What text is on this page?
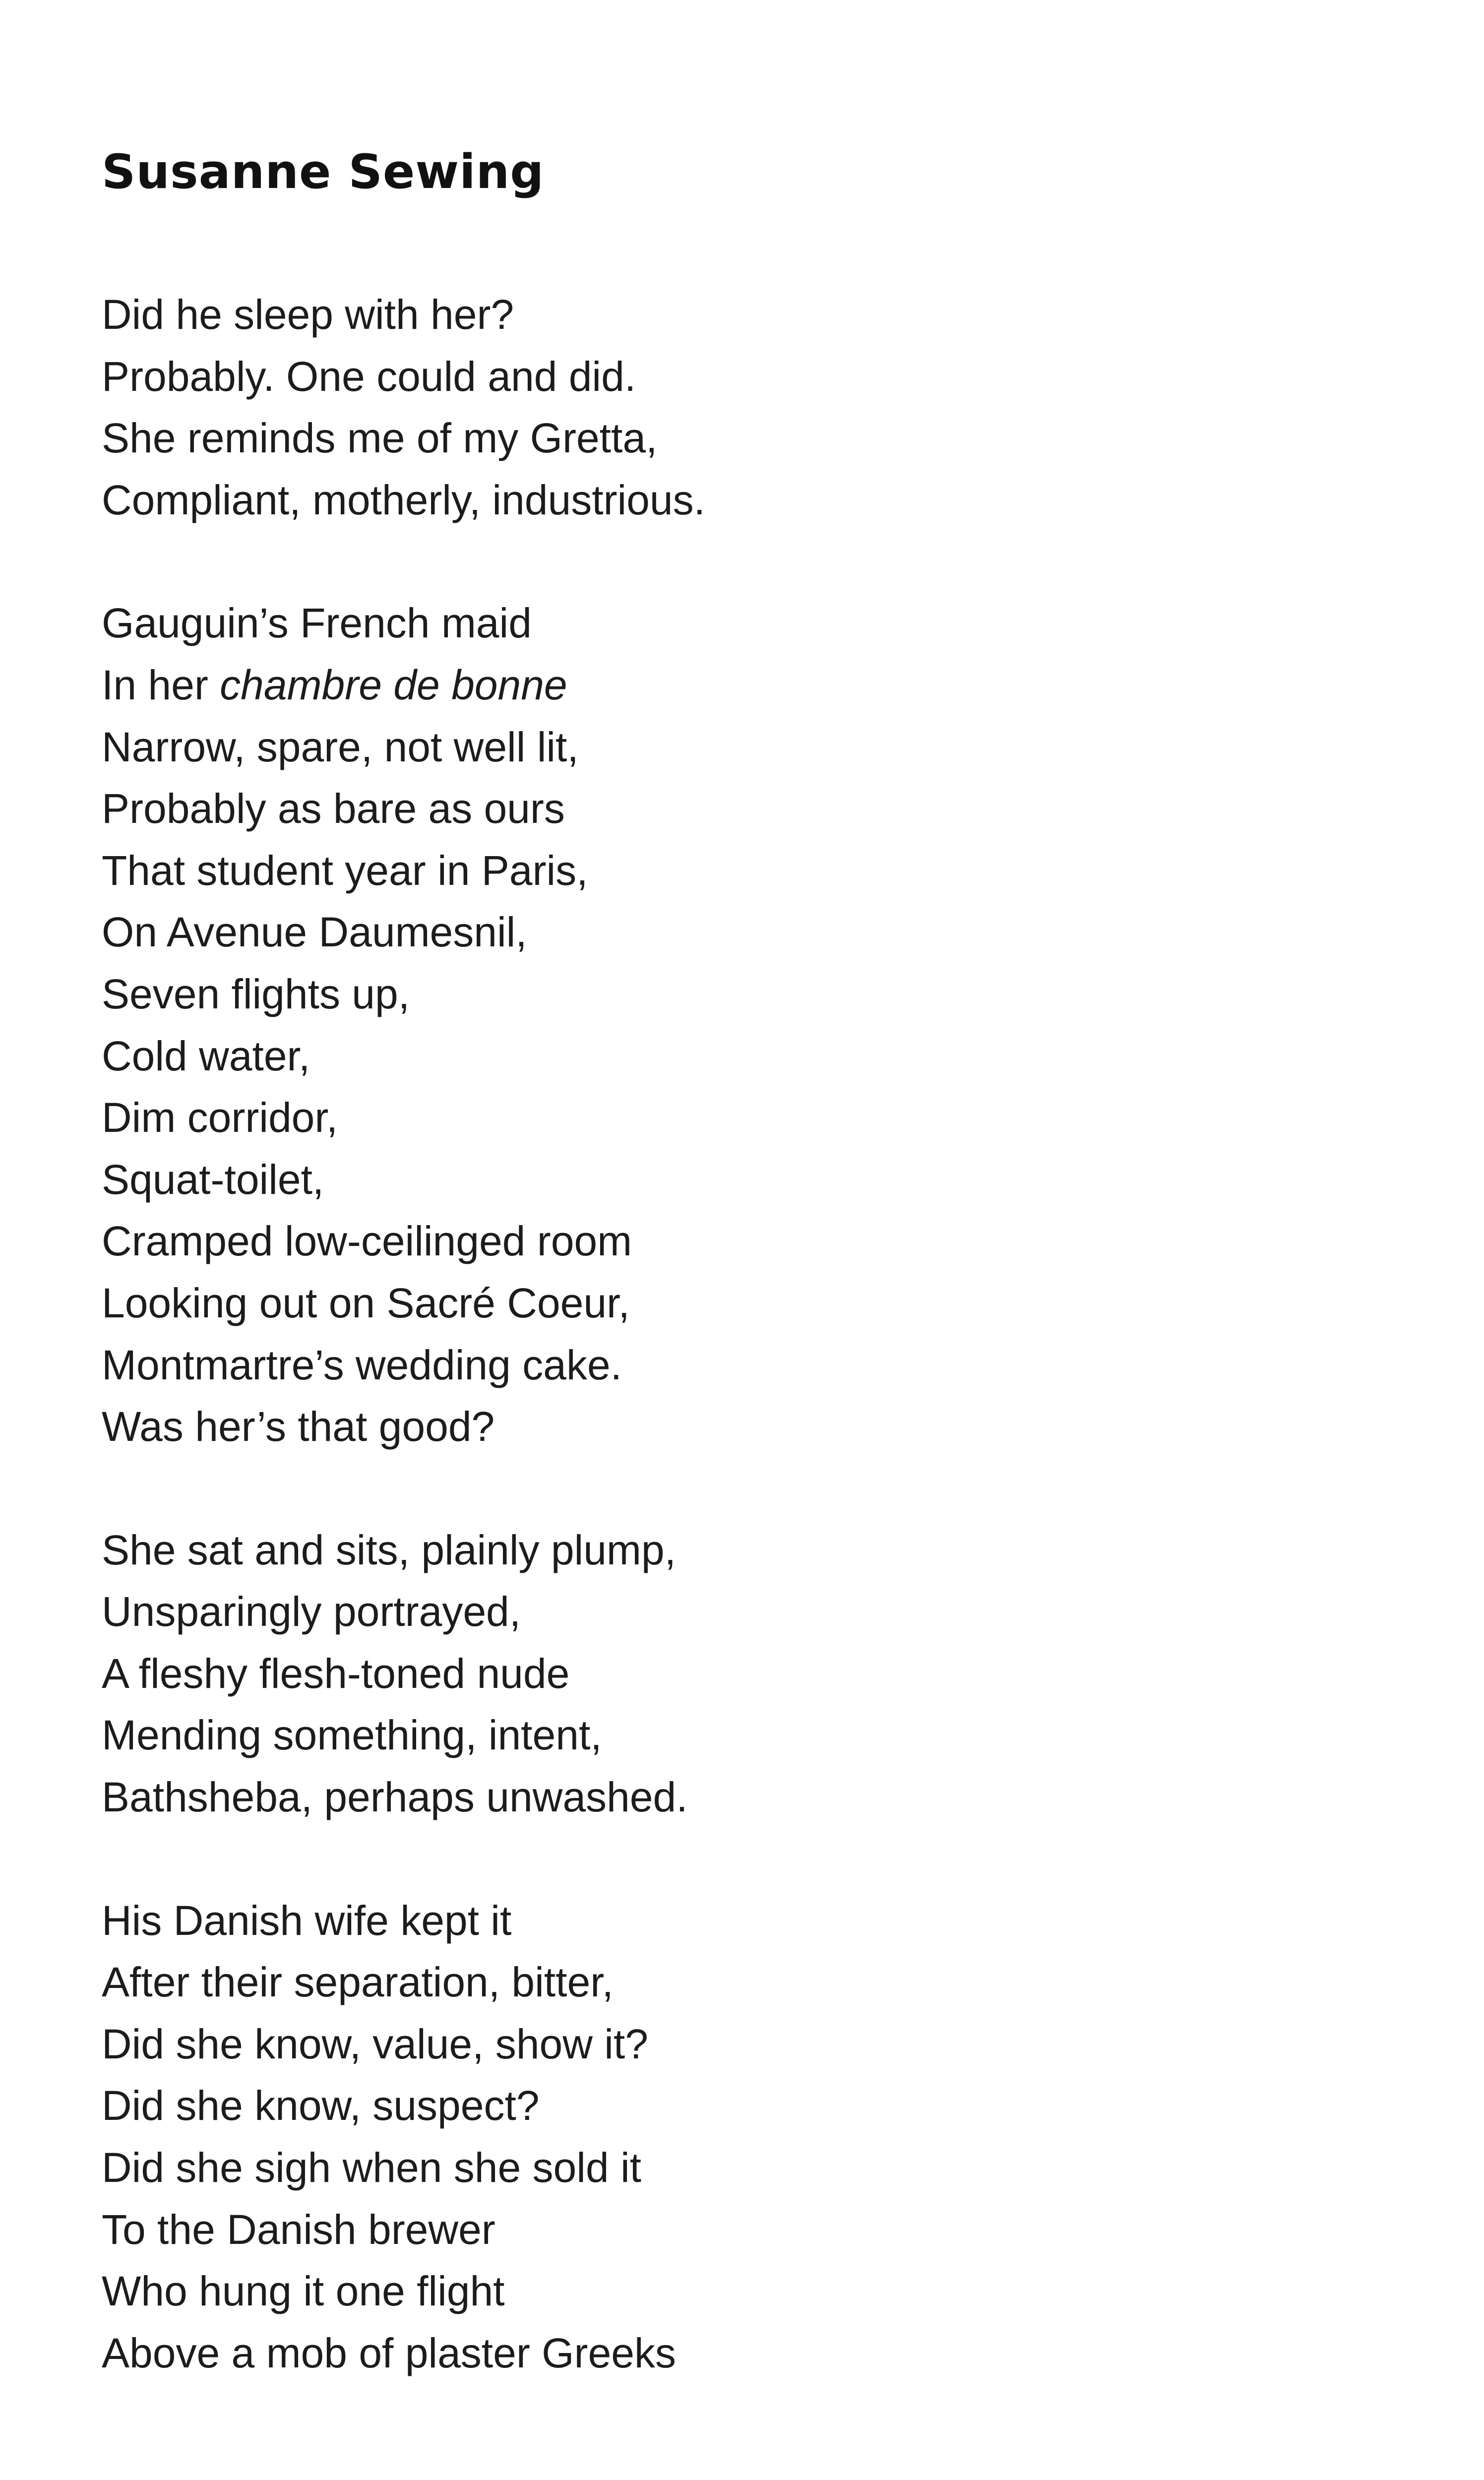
Susanne Sewing
Did he sleep with her?
Probably. One could and did.
She reminds me of my Gretta,
Compliant, motherly, industrious.
Gauguin’s French maid
In her chambre de bonne
Narrow, spare, not well lit,
Probably as bare as ours
That student year in Paris,
On Avenue Daumesnil,
Seven flights up,
Cold water,
Dim corridor,
Squat-toilet,
Cramped low-ceilinged room
Looking out on Sacré Coeur,
Montmartre’s wedding cake.
Was her’s that good?
She sat and sits, plainly plump,
Unsparingly portrayed,
A fleshy flesh-toned nude
Mending something, intent,
Bathsheba, perhaps unwashed.
His Danish wife kept it
After their separation, bitter,
Did she know, value, show it?
Did she know, suspect?
Did she sigh when she sold it
To the Danish brewer
Who hung it one flight
Above a mob of plaster Greeks
